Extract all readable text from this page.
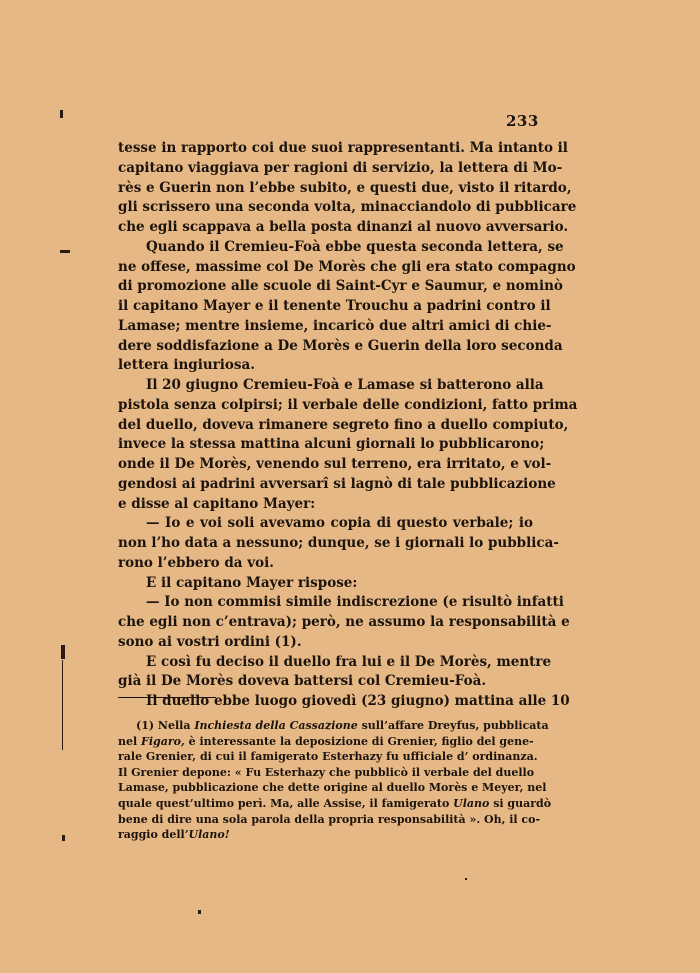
233
tesse in rapporto coi due suoi rappresentanti. Ma intanto il
capitano viaggiava per ragioni di servizio, la lettera di Mo-
rès e Guerin non l’ebbe subito, e questi due, visto il ritardo,
gli scrissero una seconda volta, minacciandolo di pubblicare
che egli scappava a bella posta dinanzi al nuovo avversario.
Quando il Cremieu-Foà ebbe questa seconda lettera, se
ne offese, massime col De Morès che gli era stato compagno
di promozione alle scuole di Saint-Cyr e Saumur, e nominò
il capitano Mayer e il tenente Trouchu a padrini contro il
Lamase; mentre insieme, incaricò due altri amici di chie-
dere soddisfazione a De Morès e Guerin della loro seconda
lettera ingiuriosa.
Il 20 giugno Cremieu-Foà e Lamase si batterono alla
pistola senza colpirsi; il verbale delle condizioni, fatto prima
del duello, doveva rimanere segreto fino a duello compiuto,
invece la stessa mattina alcuni giornali lo pubblicarono;
onde il De Morès, venendo sul terreno, era irritato, e vol-
gendosi ai padrini avversarî si lagnò di tale pubblicazione
e disse al capitano Mayer:
— Io e voi soli avevamo copia di questo verbale; io
non l’ho data a nessuno; dunque, se i giornali lo pubblica-
rono l’ebbero da voi.
E il capitano Mayer rispose:
— Io non commisi simile indiscrezione (e risultò infatti
che egli non c’entrava); però, ne assumo la responsabilità e
sono ai vostri ordini (1).
E così fu deciso il duello fra lui e il De Morès, mentre
già il De Morès doveva battersi col Cremieu-Foà.
Il duello ebbe luogo giovedì (23 giugno) mattina alle 10
(1) Nella Inchiesta della Cassazione sull’affare Dreyfus, pubblicata
nel Figaro, è interessante la deposizione di Grenier, figlio del gene-
rale Grenier, di cui il famigerato Esterhazy fu ufficiale d’ ordinanza.
Il Grenier depone: « Fu Esterhazy che pubblicò il verbale del duello
Lamase, pubblicazione che dette origine al duello Morès e Meyer, nel
quale quest’ultimo perì. Ma, alle Assise, il famigerato Ulano si guardò
bene di dire una sola parola della propria responsabilità ». Oh, il co-
raggio dell’Ulano!
